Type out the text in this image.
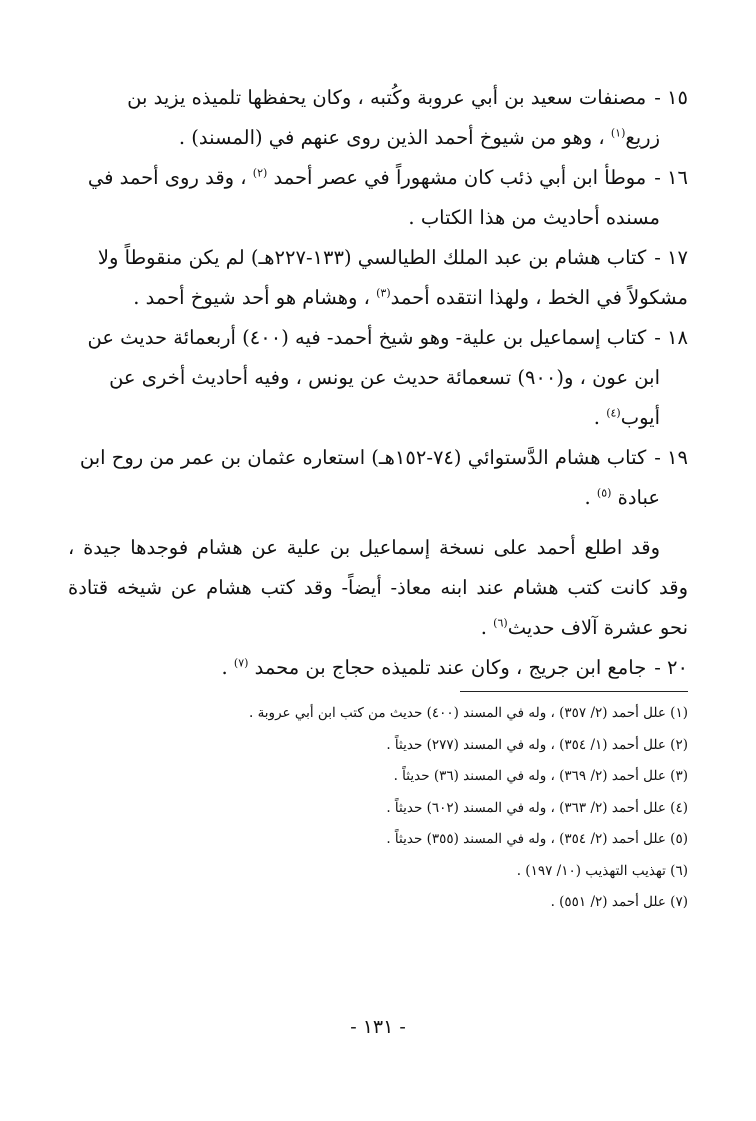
١٥ -مصنفات سعيد بن أبي عروبة وكُتبه ، وكان يحفظها تلميذه يزيد بن
زريع$^{(١)}$ ، وهو من شيوخ أحمد الذين روى عنهم في (المسند) .
١٦ -موطأ ابن أبي ذئب كان مشهوراً في عصر أحمد $^{(٢)}$ ، وقد روى أحمد في
مسنده أحاديث من هذا الكتاب .
١٧ -كتاب هشام بن عبد الملك الطيالسي (١٣٣-٢٢٧هـ) لم يكن منقوطاً ولا
مشكولاً في الخط ، ولهذا انتقده أحمد$^{(٣)}$ ، وهشام هو أحد شيوخ أحمد .
١٨ -كتاب إسماعيل بن علية- وهو شيخ أحمد- فيه (٤٠٠) أربعمائة حديث عن
ابن عون ، و(٩٠٠) تسعمائة حديث عن يونس ، وفيه أحاديث أخرى عن
أيوب$^{(٤)}$ .
١٩ -كتاب هشام الدَّستوائي (٧٤-١٥٢هـ) استعاره عثمان بن عمر من روح ابن
عبادة $^{(٥)}$ .
وقد اطلع أحمد على نسخة إسماعيل بن علية عن هشام فوجدها جيدة ، وقد كانت كتب هشام عند ابنه معاذ- أيضاً- وقد كتب هشام عن شيخه قتادة نحو عشرة آلاف حديث$^{(٦)}$ .
٢٠ -جامع ابن جريج ، وكان عند تلميذه حجاج بن محمد $^{(٧)}$ .
(١) علل أحمد (٢/ ٣٥٧) ، وله في المسند (٤٠٠) حديث من كتب ابن أبي عروبة .
(٢) علل أحمد (١/ ٣٥٤) ، وله في المسند (٢٧٧) حديثاً .
(٣) علل أحمد (٢/ ٣٦٩) ، وله في المسند (٣٦) حديثاً .
(٤) علل أحمد (٢/ ٣٦٣) ، وله في المسند (٦٠٢) حديثاً .
(٥) علل أحمد (٢/ ٣٥٤) ، وله في المسند (٣٥٥) حديثاً .
(٦) تهذيب التهذيب (١٠/ ١٩٧) .
(٧) علل أحمد (٢/ ٥٥١) .
- ١٣١ -
